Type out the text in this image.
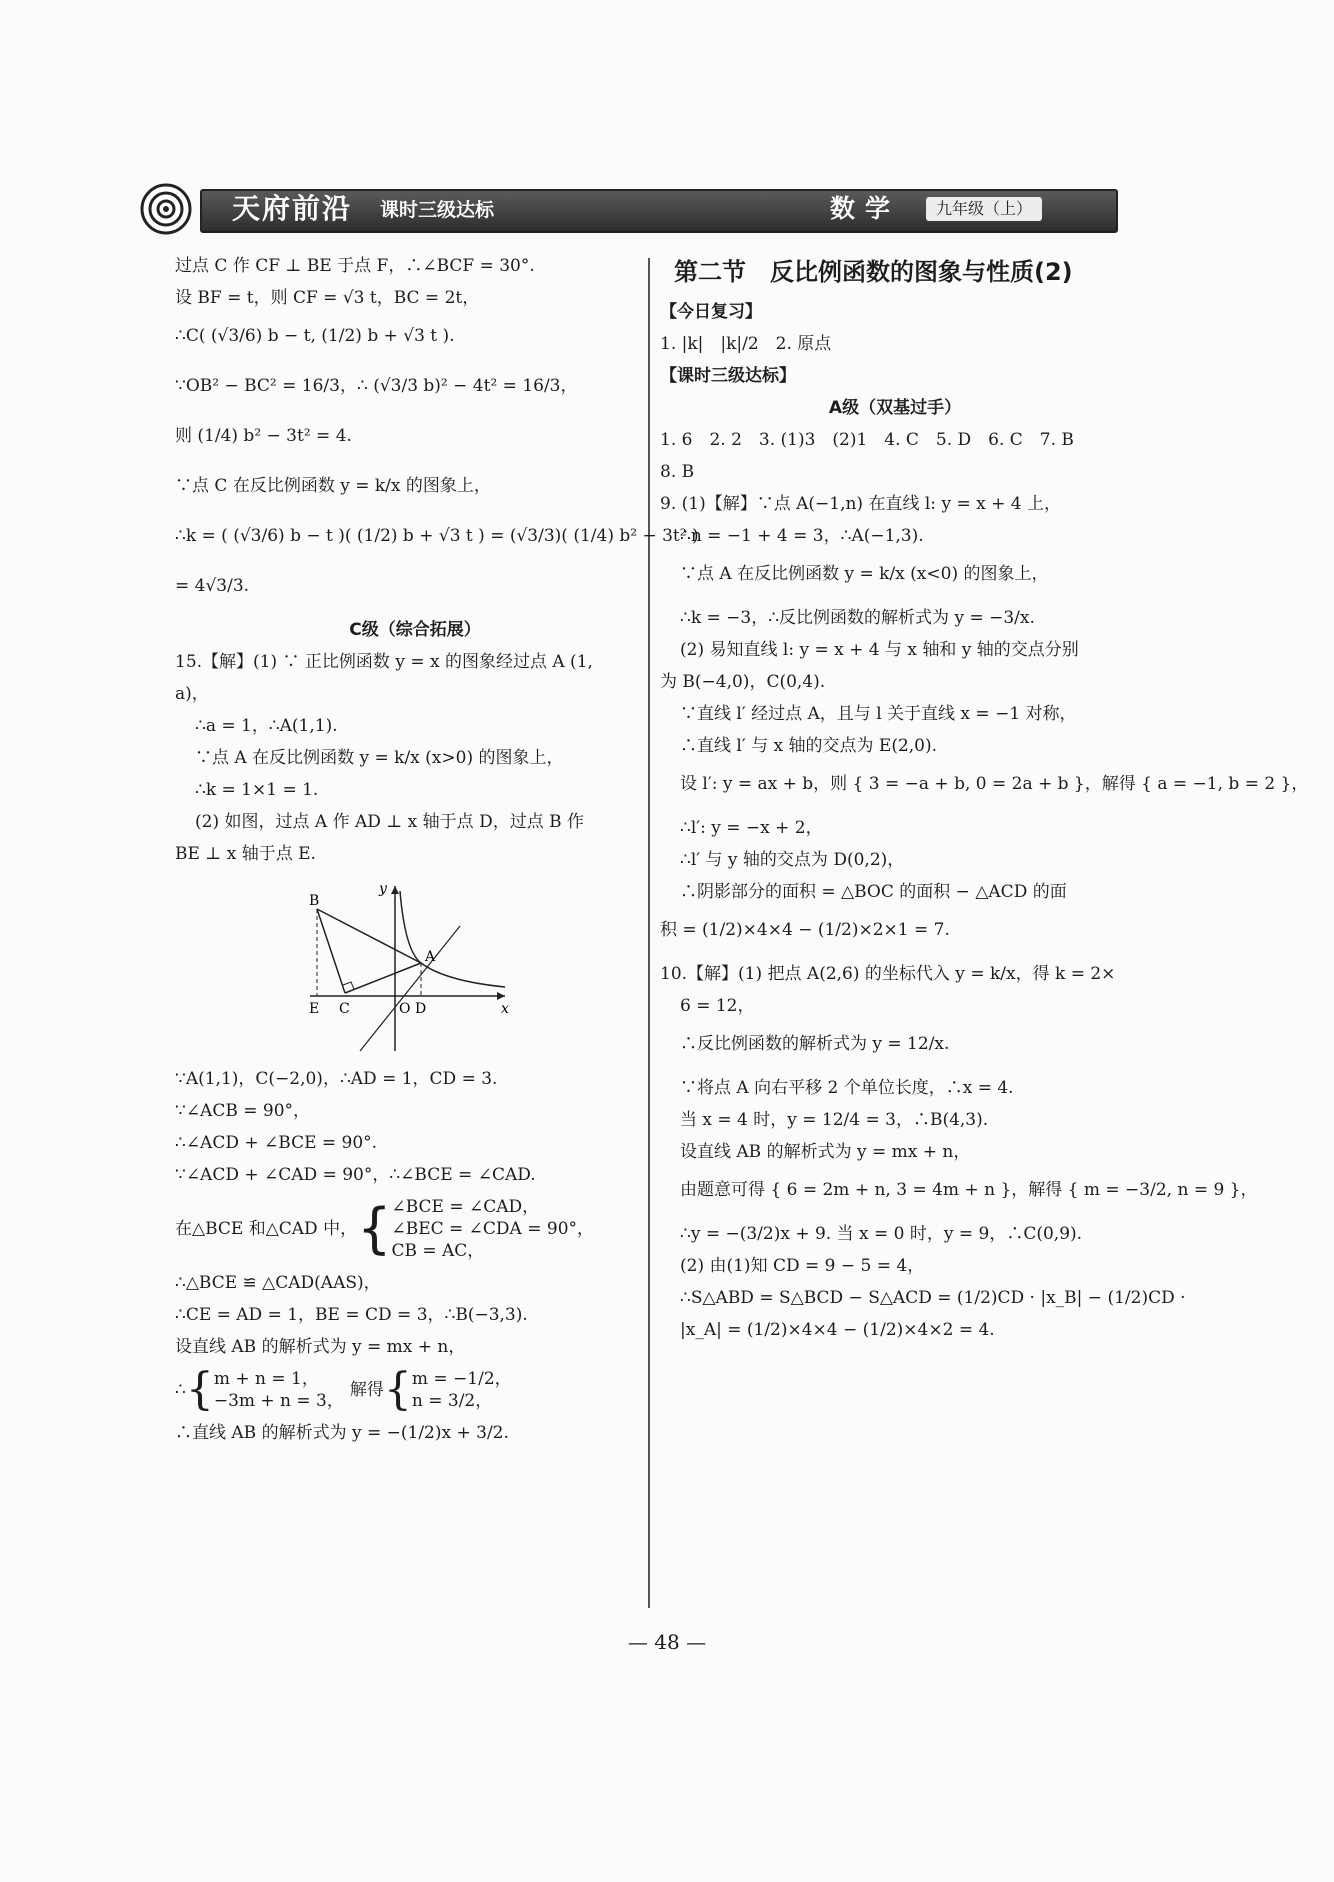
天府前沿 课时三级达标	数学	九年级（上）
过点 C 作 CF ⊥ BE 于点 F，∴∠BCF = 30°.
设 BF = t，则 CF = √3 t，BC = 2t，
∴C( (√3/6) b − t, (1/2) b + √3 t ).
∵OB² − BC² = 16/3，∴ (√3/3 b)² − 4t² = 16/3，
则 (1/4) b² − 3t² = 4.
∵点 C 在反比例函数 y = k/x 的图象上，
∴k = ( (√3/6) b − t )( (1/2) b + √3 t ) = (√3/3)( (1/4) b² − 3t² )
= 4√3/3.
C级（综合拓展）
15.【解】(1) ∵ 正比例函数 y = x 的图象经过点 A (1,
a)，
∴a = 1，∴A(1,1).
∵点 A 在反比例函数 y = k/x (x>0) 的图象上，
∴k = 1×1 = 1.
(2) 如图，过点 A 作 AD ⊥ x 轴于点 D，过点 B 作
BE ⊥ x 轴于点 E.
B
A
E C	O D	x
y
∵A(1,1)，C(−2,0)，∴AD = 1，CD = 3.
∵∠ACB = 90°，
∴∠ACD + ∠BCE = 90°.
∵∠ACD + ∠CAD = 90°，∴∠BCE = ∠CAD.
在△BCE 和△CAD 中， { ∠BCE = ∠CAD，
∠BEC = ∠CDA = 90°，
CB = AC，
∴△BCE ≌ △CAD(AAS)，
∴CE = AD = 1，BE = CD = 3，∴B(−3,3).
设直线 AB 的解析式为 y = mx + n，
∴ { m + n = 1，
−3m + n = 3，
解得 { m = −1/2，
n = 3/2，
∴直线 AB 的解析式为 y = −(1/2)x + 3/2.
第二节　反比例函数的图象与性质(2)
【今日复习】
1. |k|　|k|/2　2. 原点
【课时三级达标】
A级（双基过手）
1. 6　2. 2　3. (1)3　(2)1　4. C　5. D　6. C　7. B
8. B
9. (1)【解】∵点 A(−1,n) 在直线 l: y = x + 4 上，
∴n = −1 + 4 = 3，∴A(−1,3).
∵点 A 在反比例函数 y = k/x (x<0) 的图象上，
∴k = −3，∴反比例函数的解析式为 y = −3/x.
(2) 易知直线 l: y = x + 4 与 x 轴和 y 轴的交点分别
为 B(−4,0)，C(0,4).
∵直线 l′ 经过点 A，且与 l 关于直线 x = −1 对称，
∴直线 l′ 与 x 轴的交点为 E(2,0).
设 l′: y = ax + b，则 { 3 = −a + b, 0 = 2a + b }，解得 { a = −1, b = 2 }，
∴l′: y = −x + 2，
∴l′ 与 y 轴的交点为 D(0,2)，
∴阴影部分的面积 = △BOC 的面积 − △ACD 的面
积 = (1/2)×4×4 − (1/2)×2×1 = 7.
10.【解】(1) 把点 A(2,6) 的坐标代入 y = k/x，得 k = 2×
6 = 12，
∴反比例函数的解析式为 y = 12/x.
∵将点 A 向右平移 2 个单位长度，∴x = 4.
当 x = 4 时，y = 12/4 = 3，∴B(4,3).
设直线 AB 的解析式为 y = mx + n，
由题意可得 { 6 = 2m + n, 3 = 4m + n }，解得 { m = −3/2, n = 9 }，
∴y = −(3/2)x + 9. 当 x = 0 时，y = 9，∴C(0,9).
(2) 由(1)知 CD = 9 − 5 = 4，
∴S△ABD = S△BCD − S△ACD = (1/2)CD · |x_B| − (1/2)CD ·
|x_A| = (1/2)×4×4 − (1/2)×4×2 = 4.
— 48 —
